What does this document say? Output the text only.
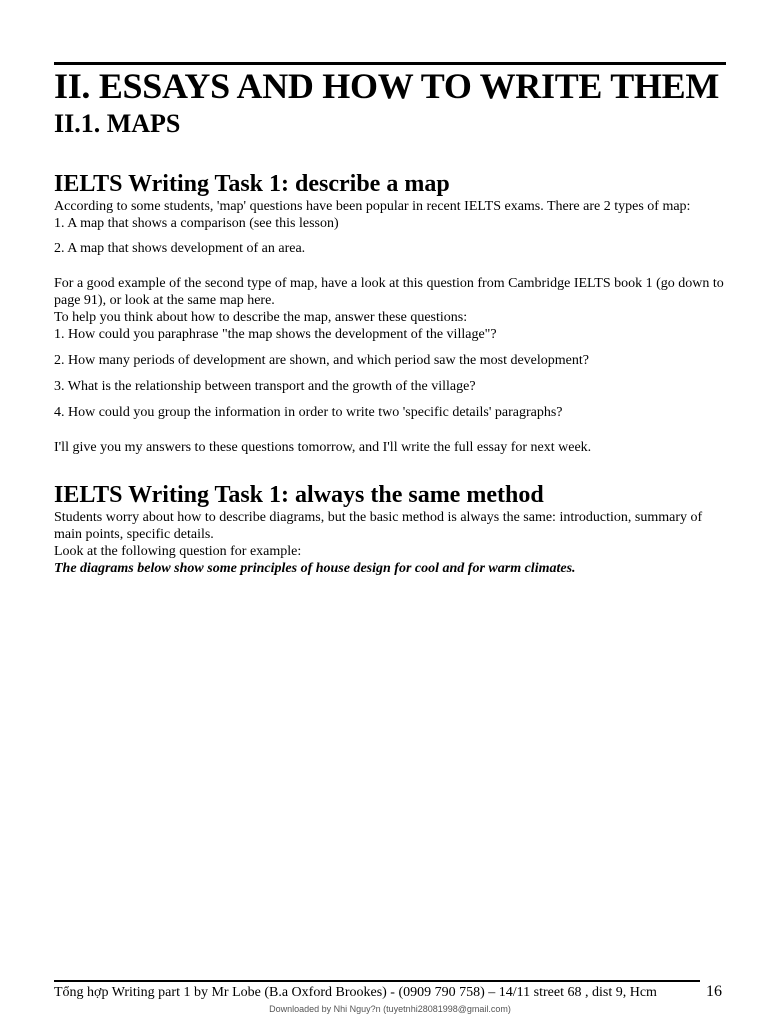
II. ESSAYS AND HOW TO WRITE THEM
II.1. MAPS
IELTS Writing Task 1: describe a map

According to some students, 'map' questions have been popular in recent IELTS exams. There are 2 types of map:

1. A map that shows a comparison (see this lesson)

2. A map that shows development of an area.

For a good example of the second type of map, have a look at this question from Cambridge IELTS book 1 (go down to page 91), or look at the same map here.

To help you think about how to describe the map, answer these questions:

1. How could you paraphrase "the map shows the development of the village"?

2. How many periods of development are shown, and which period saw the most development?

3. What is the relationship between transport and the growth of the village?

4. How could you group the information in order to write two 'specific details' paragraphs?

I'll give you my answers to these questions tomorrow, and I'll write the full essay for next week.

IELTS Writing Task 1: always the same method

Students worry about how to describe diagrams, but the basic method is always the same: introduction, summary of main points, specific details.

Look at the following question for example:

The diagrams below show some principles of house design for cool and for warm climates.

Tổng hợp Writing part 1 by Mr Lobe (B.a Oxford Brookes) - (0909 790 758) – 14/11 street 68 , dist 9, Hcm	16
Downloaded by Nhi Nguy?n (tuyetnhi28081998@gmail.com)
